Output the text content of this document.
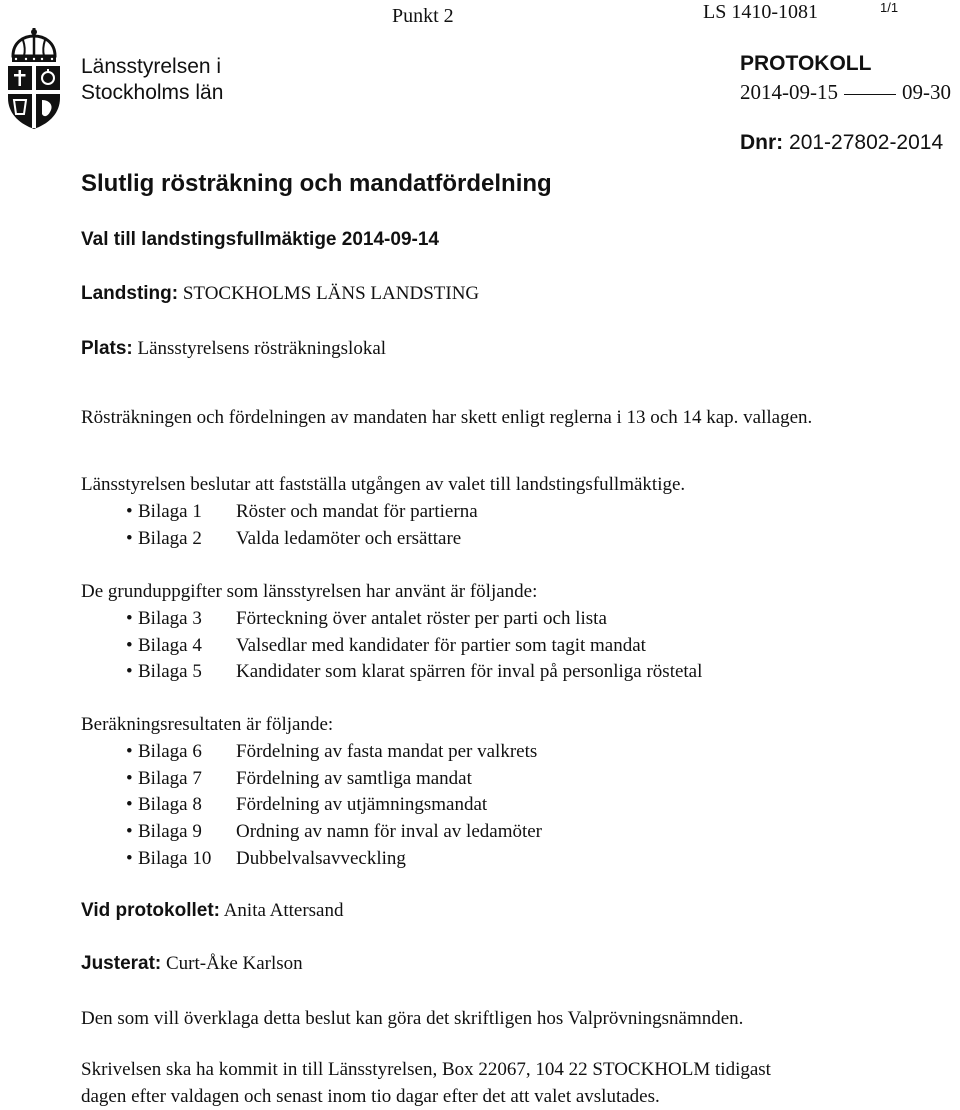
Punkt 2	LS 1410-1081	1/1
Länsstyrelsen i
Stockholms län
PROTOKOLL
2014-09-15	09-30
Dnr: 201-27802-2014
Slutlig rösträkning och mandatfördelning
Val till landstingsfullmäktige 2014-09-14
Landsting: STOCKHOLMS LÄNS LANDSTING
Plats: Länsstyrelsens rösträkningslokal
Rösträkningen och fördelningen av mandaten har skett enligt reglerna i 13 och 14 kap. vallagen.
Länsstyrelsen beslutar att fastställa utgången av valet till landstingsfullmäktige.
• Bilaga 1 Röster och mandat för partierna
• Bilaga 2 Valda ledamöter och ersättare
De grunduppgifter som länsstyrelsen har använt är följande:
• Bilaga 3 Förteckning över antalet röster per parti och lista
• Bilaga 4 Valsedlar med kandidater för partier som tagit mandat
• Bilaga 5 Kandidater som klarat spärren för inval på personliga röstetal
Beräkningsresultaten är följande:
• Bilaga 6 Fördelning av fasta mandat per valkrets
• Bilaga 7 Fördelning av samtliga mandat
• Bilaga 8 Fördelning av utjämningsmandat
• Bilaga 9 Ordning av namn för inval av ledamöter
• Bilaga 10 Dubbelvalsavveckling
Vid protokollet: Anita Attersand
Justerat: Curt-Åke Karlson
Den som vill överklaga detta beslut kan göra det skriftligen hos Valprövningsnämnden.
Skrivelsen ska ha kommit in till Länsstyrelsen, Box 22067, 104 22 STOCKHOLM tidigast
dagen efter valdagen och senast inom tio dagar efter det att valet avslutades.
